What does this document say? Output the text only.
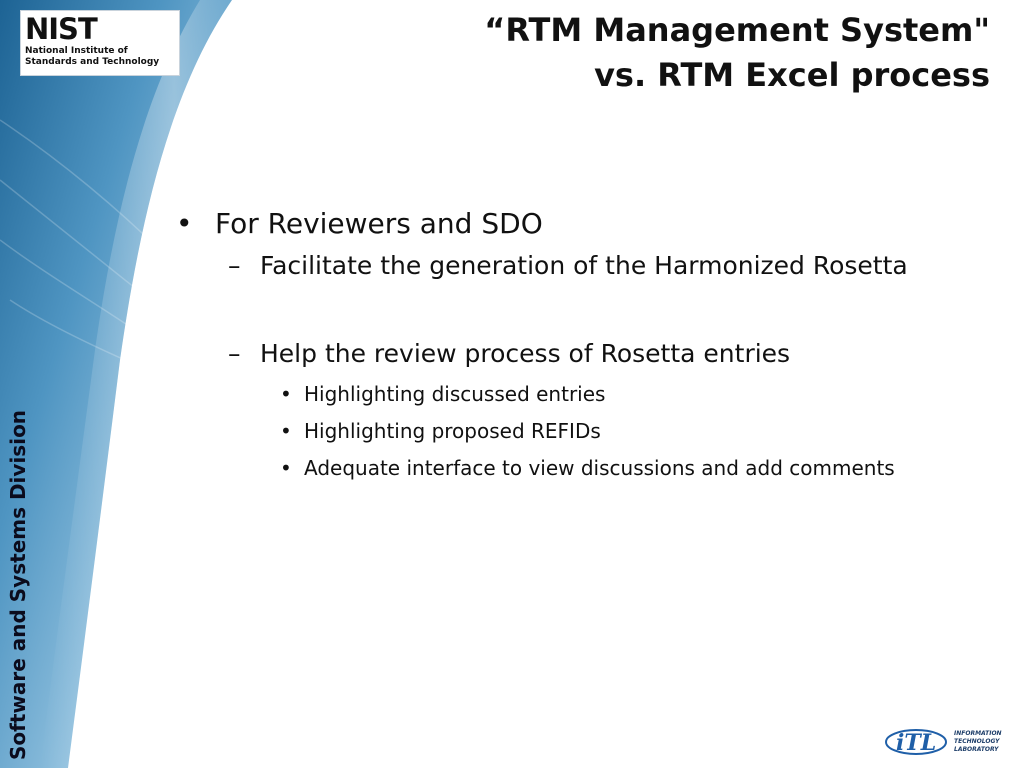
NIST
National Institute of Standards and Technology
“RTM Management System"
vs. RTM Excel process
• For Reviewers and SDO
– Facilitate the generation of the Harmonized Rosetta
– Help the review process of Rosetta entries
• Highlighting discussed entries
• Highlighting proposed REFIDs
• Adequate interface to view discussions and add comments
Software and Systems Division	iTL	INFORMATION
TECHNOLOGY
LABORATORY
